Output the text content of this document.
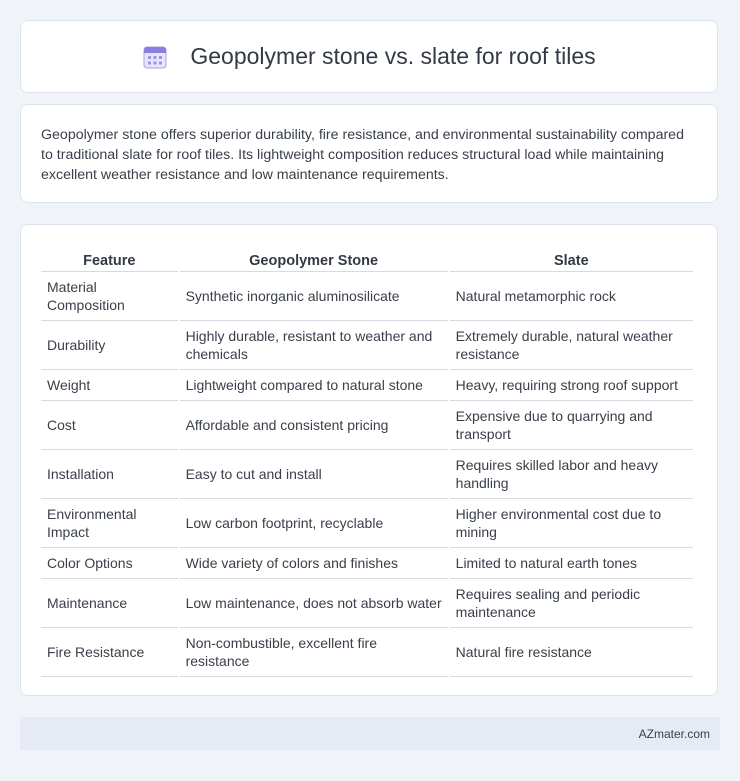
Geopolymer stone vs. slate for roof tiles

Geopolymer stone offers superior durability, fire resistance, and environmental sustainability compared to traditional slate for roof tiles. Its lightweight composition reduces structural load while maintaining excellent weather resistance and low maintenance requirements.

Feature	Geopolymer Stone	Slate
Material Composition	Synthetic inorganic aluminosilicate	Natural metamorphic rock
Durability	Highly durable, resistant to weather and chemicals	Extremely durable, natural weather resistance
Weight	Lightweight compared to natural stone	Heavy, requiring strong roof support
Cost	Affordable and consistent pricing	Expensive due to quarrying and transport
Installation	Easy to cut and install	Requires skilled labor and heavy handling
Environmental Impact	Low carbon footprint, recyclable	Higher environmental cost due to mining
Color Options	Wide variety of colors and finishes	Limited to natural earth tones
Maintenance	Low maintenance, does not absorb water	Requires sealing and periodic maintenance
Fire Resistance	Non-combustible, excellent fire resistance	Natural fire resistance
AZmater.com
